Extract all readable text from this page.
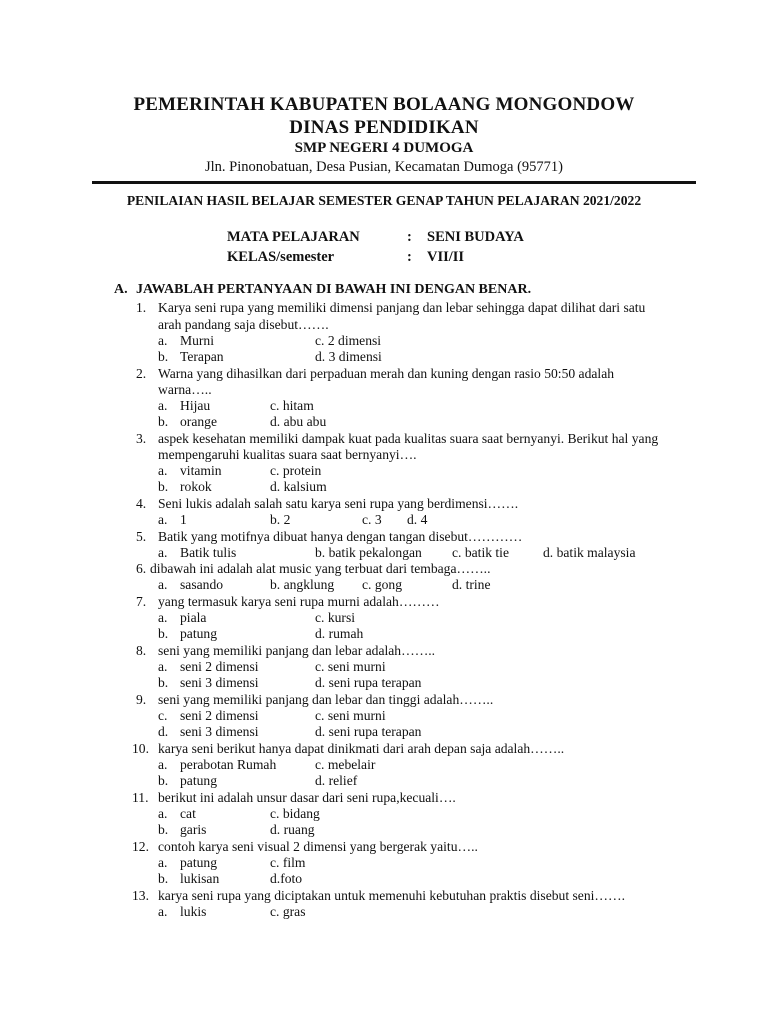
PEMERINTAH KABUPATEN BOLAANG MONGONDOW
DINAS PENDIDIKAN
SMP NEGERI 4 DUMOGA
Jln. Pinonobatuan, Desa Pusian, Kecamatan Dumoga (95771)
PENILAIAN HASIL BELAJAR SEMESTER GENAP TAHUN PELAJARAN 2021/2022
MATA PELAJARAN	: SENI BUDAYA
KELAS/semester	: VII/II
A. JAWABLAH PERTANYAAN DI BAWAH INI DENGAN BENAR.
1. Karya seni rupa yang memiliki dimensi panjang dan lebar sehingga dapat dilihat dari satu
arah pandang saja disebut…….
a. Murni	c. 2 dimensi
b. Terapan	d. 3 dimensi
2. Warna yang dihasilkan dari perpaduan merah dan kuning dengan rasio 50:50 adalah
warna…..
a. Hijau	c. hitam
b. orange	d. abu abu
3. aspek kesehatan memiliki dampak kuat pada kualitas suara saat bernyanyi. Berikut hal yang
mempengaruhi kualitas suara saat bernyanyi….
a. vitamin	c. protein
b. rokok	d. kalsium
4. Seni lukis adalah salah satu karya seni rupa yang berdimensi…….
a. 1	b. 2	c. 3 d. 4
5. Batik yang motifnya dibuat hanya dengan tangan disebut…………
a. Batik tulis	b. batik pekalongan c. batik tie	d. batik malaysia
6. dibawah ini adalah alat music yang terbuat dari tembaga……..
a. sasando	b. angklung c. gong	d. trine
7. yang termasuk karya seni rupa murni adalah………
a. piala	c. kursi
b. patung	d. rumah
8. seni yang memiliki panjang dan lebar adalah……..
a. seni 2 dimensi	c. seni murni
b. seni 3 dimensi	d. seni rupa terapan
9. seni yang memiliki panjang dan lebar dan tinggi adalah……..
c. seni 2 dimensi	c. seni murni
d. seni 3 dimensi	d. seni rupa terapan
10. karya seni berikut hanya dapat dinikmati dari arah depan saja adalah……..
a. perabotan Rumah	c. mebelair
b. patung	d. relief
11. berikut ini adalah unsur dasar dari seni rupa,kecuali….
a. cat	c. bidang
b. garis	d. ruang
12. contoh karya seni visual 2 dimensi yang bergerak yaitu…..
a. patung	c. film
b. lukisan	d.foto
13. karya seni rupa yang diciptakan untuk memenuhi kebutuhan praktis disebut seni…….
a. lukis	c. gras
